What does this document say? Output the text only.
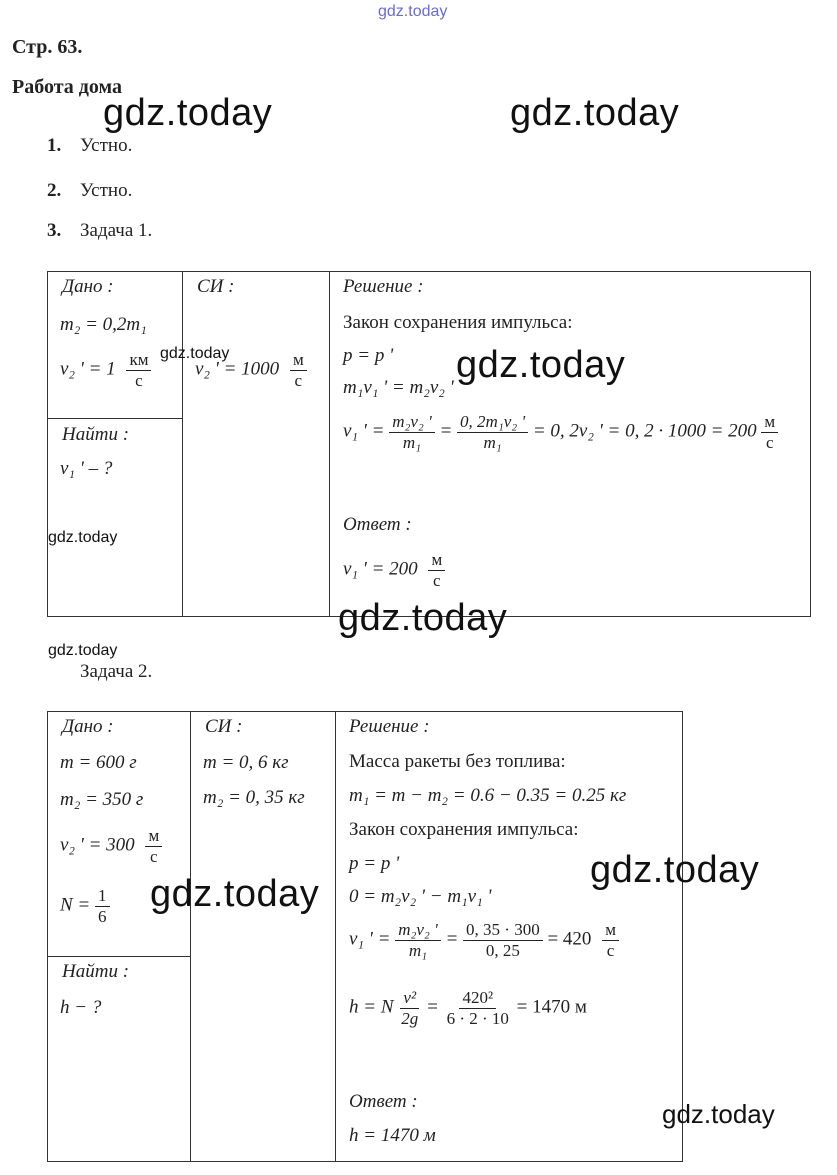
gdz.today
Стр. 63.
Работа дома
gdz.today	gdz.today
1. Устно.
2. Устно.
3. Задача 1.
Дано :
m₂ = 0,2m₁
v₂ ' = $1 \frac{км}{с}$
СИ :
v₂ ' = $1000 \frac{м}{с}$
Решение :
Закон сохранения импульса:
p = p '
m₁v₁ ' = m₂v₂ '
v₁ ' = $\frac{\text{m₂v₂ '}}{\text{m₁}} = \frac{\text{0, 2m₁v₂ '}}{\text{m₁}} = 0$, 2v₂ ' = 0, $2 \cdot 1000 = 200 \frac{м}{с}$
Найти :
v₁ ' – ?
Ответ :
v₁ ' = $200 \frac{м}{с}$
gdz.today	gdz.today
gdz.today
gdz.today
gdz.today
Задача 2.
Дано :
m = 600 г
m₂ = 350 г
v₂ ' = $300 \frac{м}{с}$
$N = \frac{1}{6}$
СИ :
m = 0, 6 кг
m₂ = 0, 35 кг
Решение :
Масса ракеты без топлива:
m₁ = m − m₂ = 0.6 − 0.35 = 0.25 кг
Закон сохранения импульса:
p = p '
0 = m₂v₂ ' − m₁v₁ '
v₁ ' = $\frac{\text{m₂v₂ '}}{\text{m₁}} = \frac{0, 35 \cdot 300}{0, 25} = 420 \frac{м}{с}$
h = N $\frac{\text{v²}}{2g} = \frac{\text{420²}}{6 \cdot 2 \cdot 10} = 1470$ м
Найти :
h − ?
Ответ :
h = 1470 м
gdz.today
gdz.today
gdz.today
